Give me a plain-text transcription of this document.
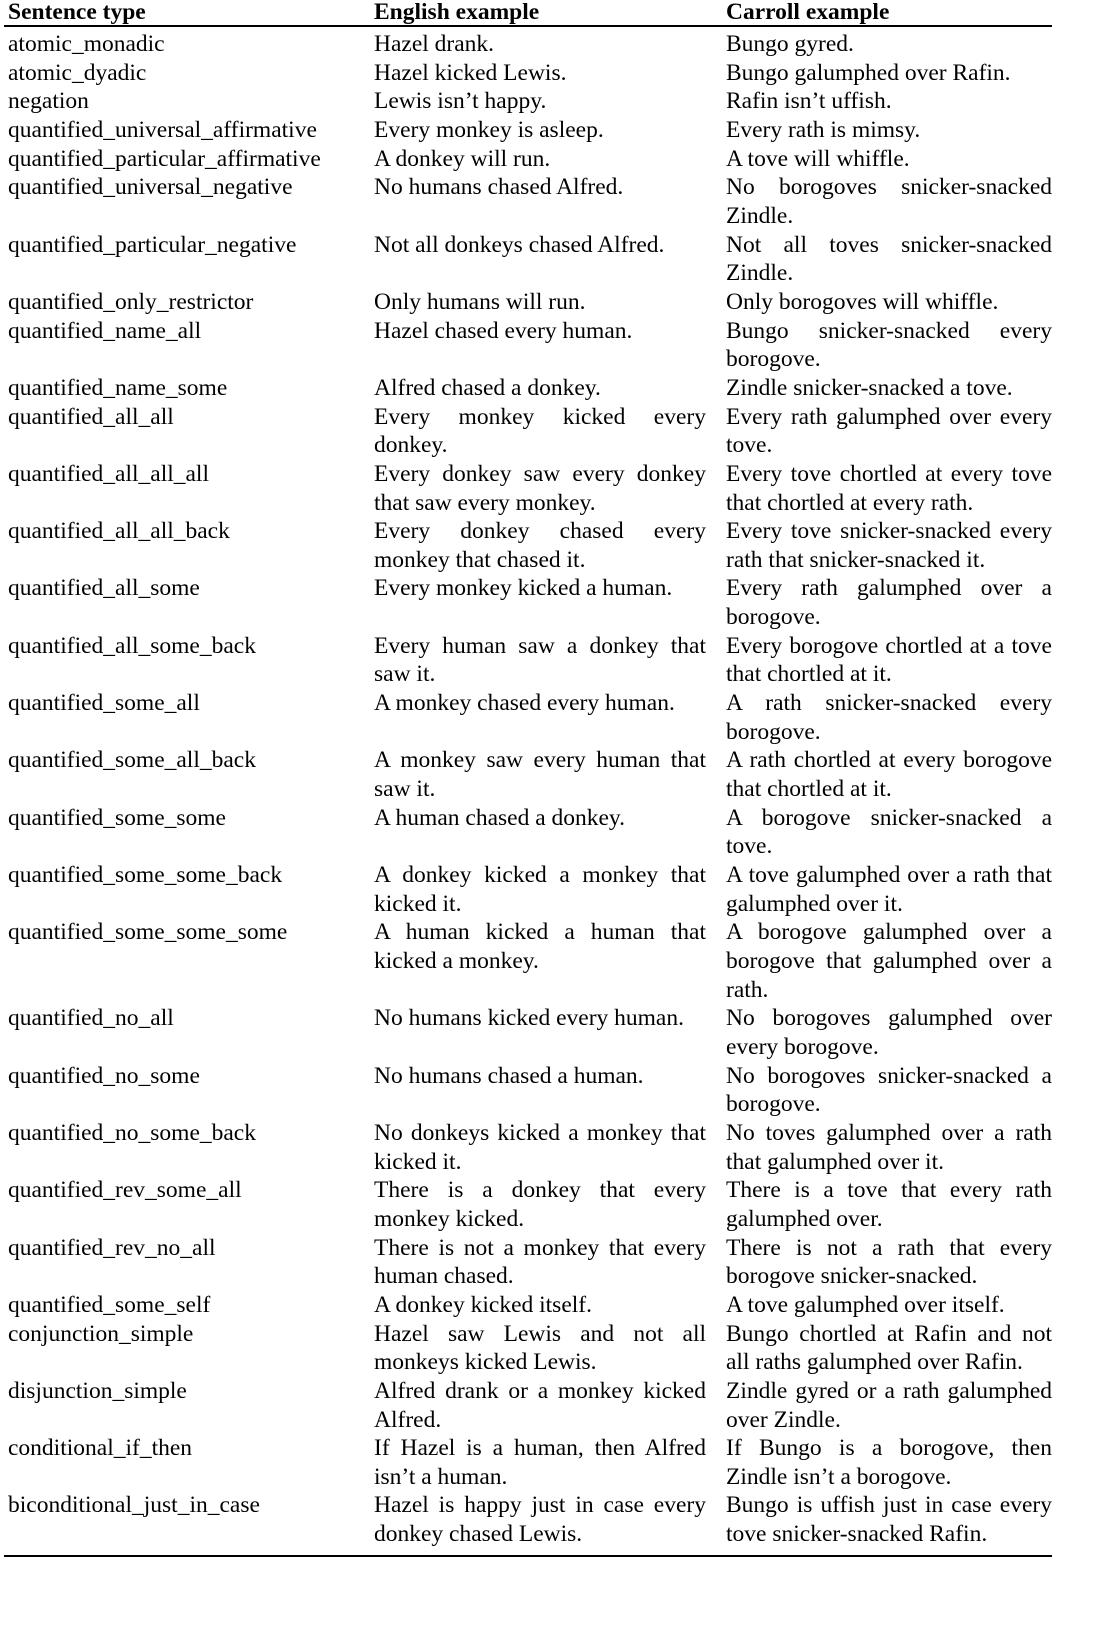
Sentence type	English example	Carroll example
atomic_monadic	Hazel drank.	Bungo gyred.
atomic_dyadic	Hazel kicked Lewis.	Bungo galumphed over Rafin.
negation	Lewis isn’t happy.	Rafin isn’t uffish.
quantified_universal_affirmative	Every monkey is asleep.	Every rath is mimsy.
quantified_particular_affirmative	A donkey will run.	A tove will whiffle.
quantified_universal_negative	No humans chased Alfred.	No borogoves snicker-snacked Zindle.
quantified_particular_negative	Not all donkeys chased Alfred.	Not all toves snicker-snacked Zindle.
quantified_only_restrictor	Only humans will run.	Only borogoves will whiffle.
quantified_name_all	Hazel chased every human.	Bungo snicker-snacked every borogove.
quantified_name_some	Alfred chased a donkey.	Zindle snicker-snacked a tove.
quantified_all_all	Every monkey kicked every donkey.	Every rath galumphed over every tove.
quantified_all_all_all	Every donkey saw every donkey that saw every monkey.	Every tove chortled at every tove that chortled at every rath.
quantified_all_all_back	Every donkey chased every monkey that chased it.	Every tove snicker-snacked every rath that snicker-snacked it.
quantified_all_some	Every monkey kicked a human.	Every rath galumphed over a borogove.
quantified_all_some_back	Every human saw a donkey that saw it.	Every borogove chortled at a tove that chortled at it.
quantified_some_all	A monkey chased every human.	A rath snicker-snacked every borogove.
quantified_some_all_back	A monkey saw every human that saw it.	A rath chortled at every borogove that chortled at it.
quantified_some_some	A human chased a donkey.	A borogove snicker-snacked a tove.
quantified_some_some_back	A donkey kicked a monkey that kicked it.	A tove galumphed over a rath that galumphed over it.
quantified_some_some_some	A human kicked a human that kicked a monkey.	A borogove galumphed over a borogove that galumphed over a rath.
quantified_no_all	No humans kicked every human.	No borogoves galumphed over every borogove.
quantified_no_some	No humans chased a human.	No borogoves snicker-snacked a borogove.
quantified_no_some_back	No donkeys kicked a monkey that kicked it.	No toves galumphed over a rath that galumphed over it.
quantified_rev_some_all	There is a donkey that every monkey kicked.	There is a tove that every rath galumphed over.
quantified_rev_no_all	There is not a monkey that every human chased.	There is not a rath that every borogove snicker-snacked.
quantified_some_self	A donkey kicked itself.	A tove galumphed over itself.
conjunction_simple	Hazel saw Lewis and not all monkeys kicked Lewis.	Bungo chortled at Rafin and not all raths galumphed over Rafin.
disjunction_simple	Alfred drank or a monkey kicked Alfred.	Zindle gyred or a rath galumphed over Zindle.
conditional_if_then	If Hazel is a human, then Alfred isn’t a human.	If Bungo is a borogove, then Zindle isn’t a borogove.
biconditional_just_in_case	Hazel is happy just in case every donkey chased Lewis.	Bungo is uffish just in case every tove snicker-snacked Rafin.
